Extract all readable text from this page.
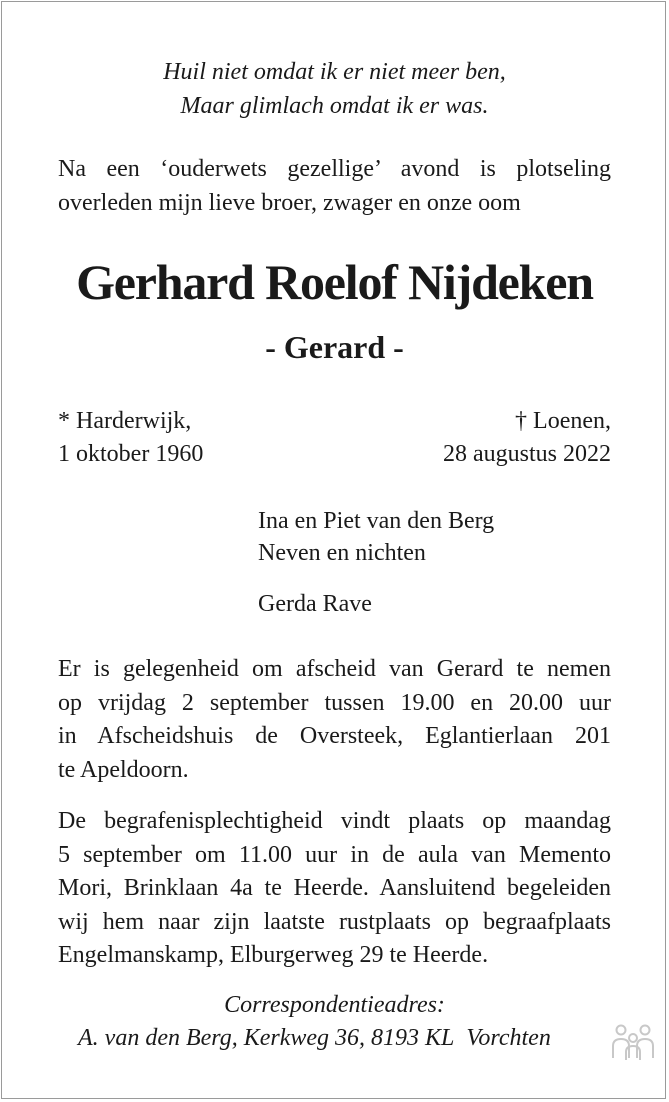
Huil niet omdat ik er niet meer ben,
Maar glimlach omdat ik er was.
Na een ‘ouderwets gezellige’ avond is plotseling
overleden mijn lieve broer, zwager en onze oom
Gerhard Roelof Nijdeken
- Gerard -
* Harderwijk,
1 oktober 1960
† Loenen,
28 augustus 2022
Ina en Piet van den Berg
Neven en nichten
Gerda Rave
Er is gelegenheid om afscheid van Gerard te nemen
op vrijdag 2 september tussen 19.00 en 20.00 uur
in Afscheidshuis de Oversteek, Eglantierlaan 201
te Apeldoorn.
De begrafenisplechtigheid vindt plaats op maandag
5 september om 11.00 uur in de aula van Memento
Mori, Brinklaan 4a te Heerde. Aansluitend begeleiden
wij hem naar zijn laatste rustplaats op begraafplaats
Engelmanskamp, Elburgerweg 29 te Heerde.
Correspondentieadres:
A. van den Berg, Kerkweg 36, 8193 KL  Vorchten
